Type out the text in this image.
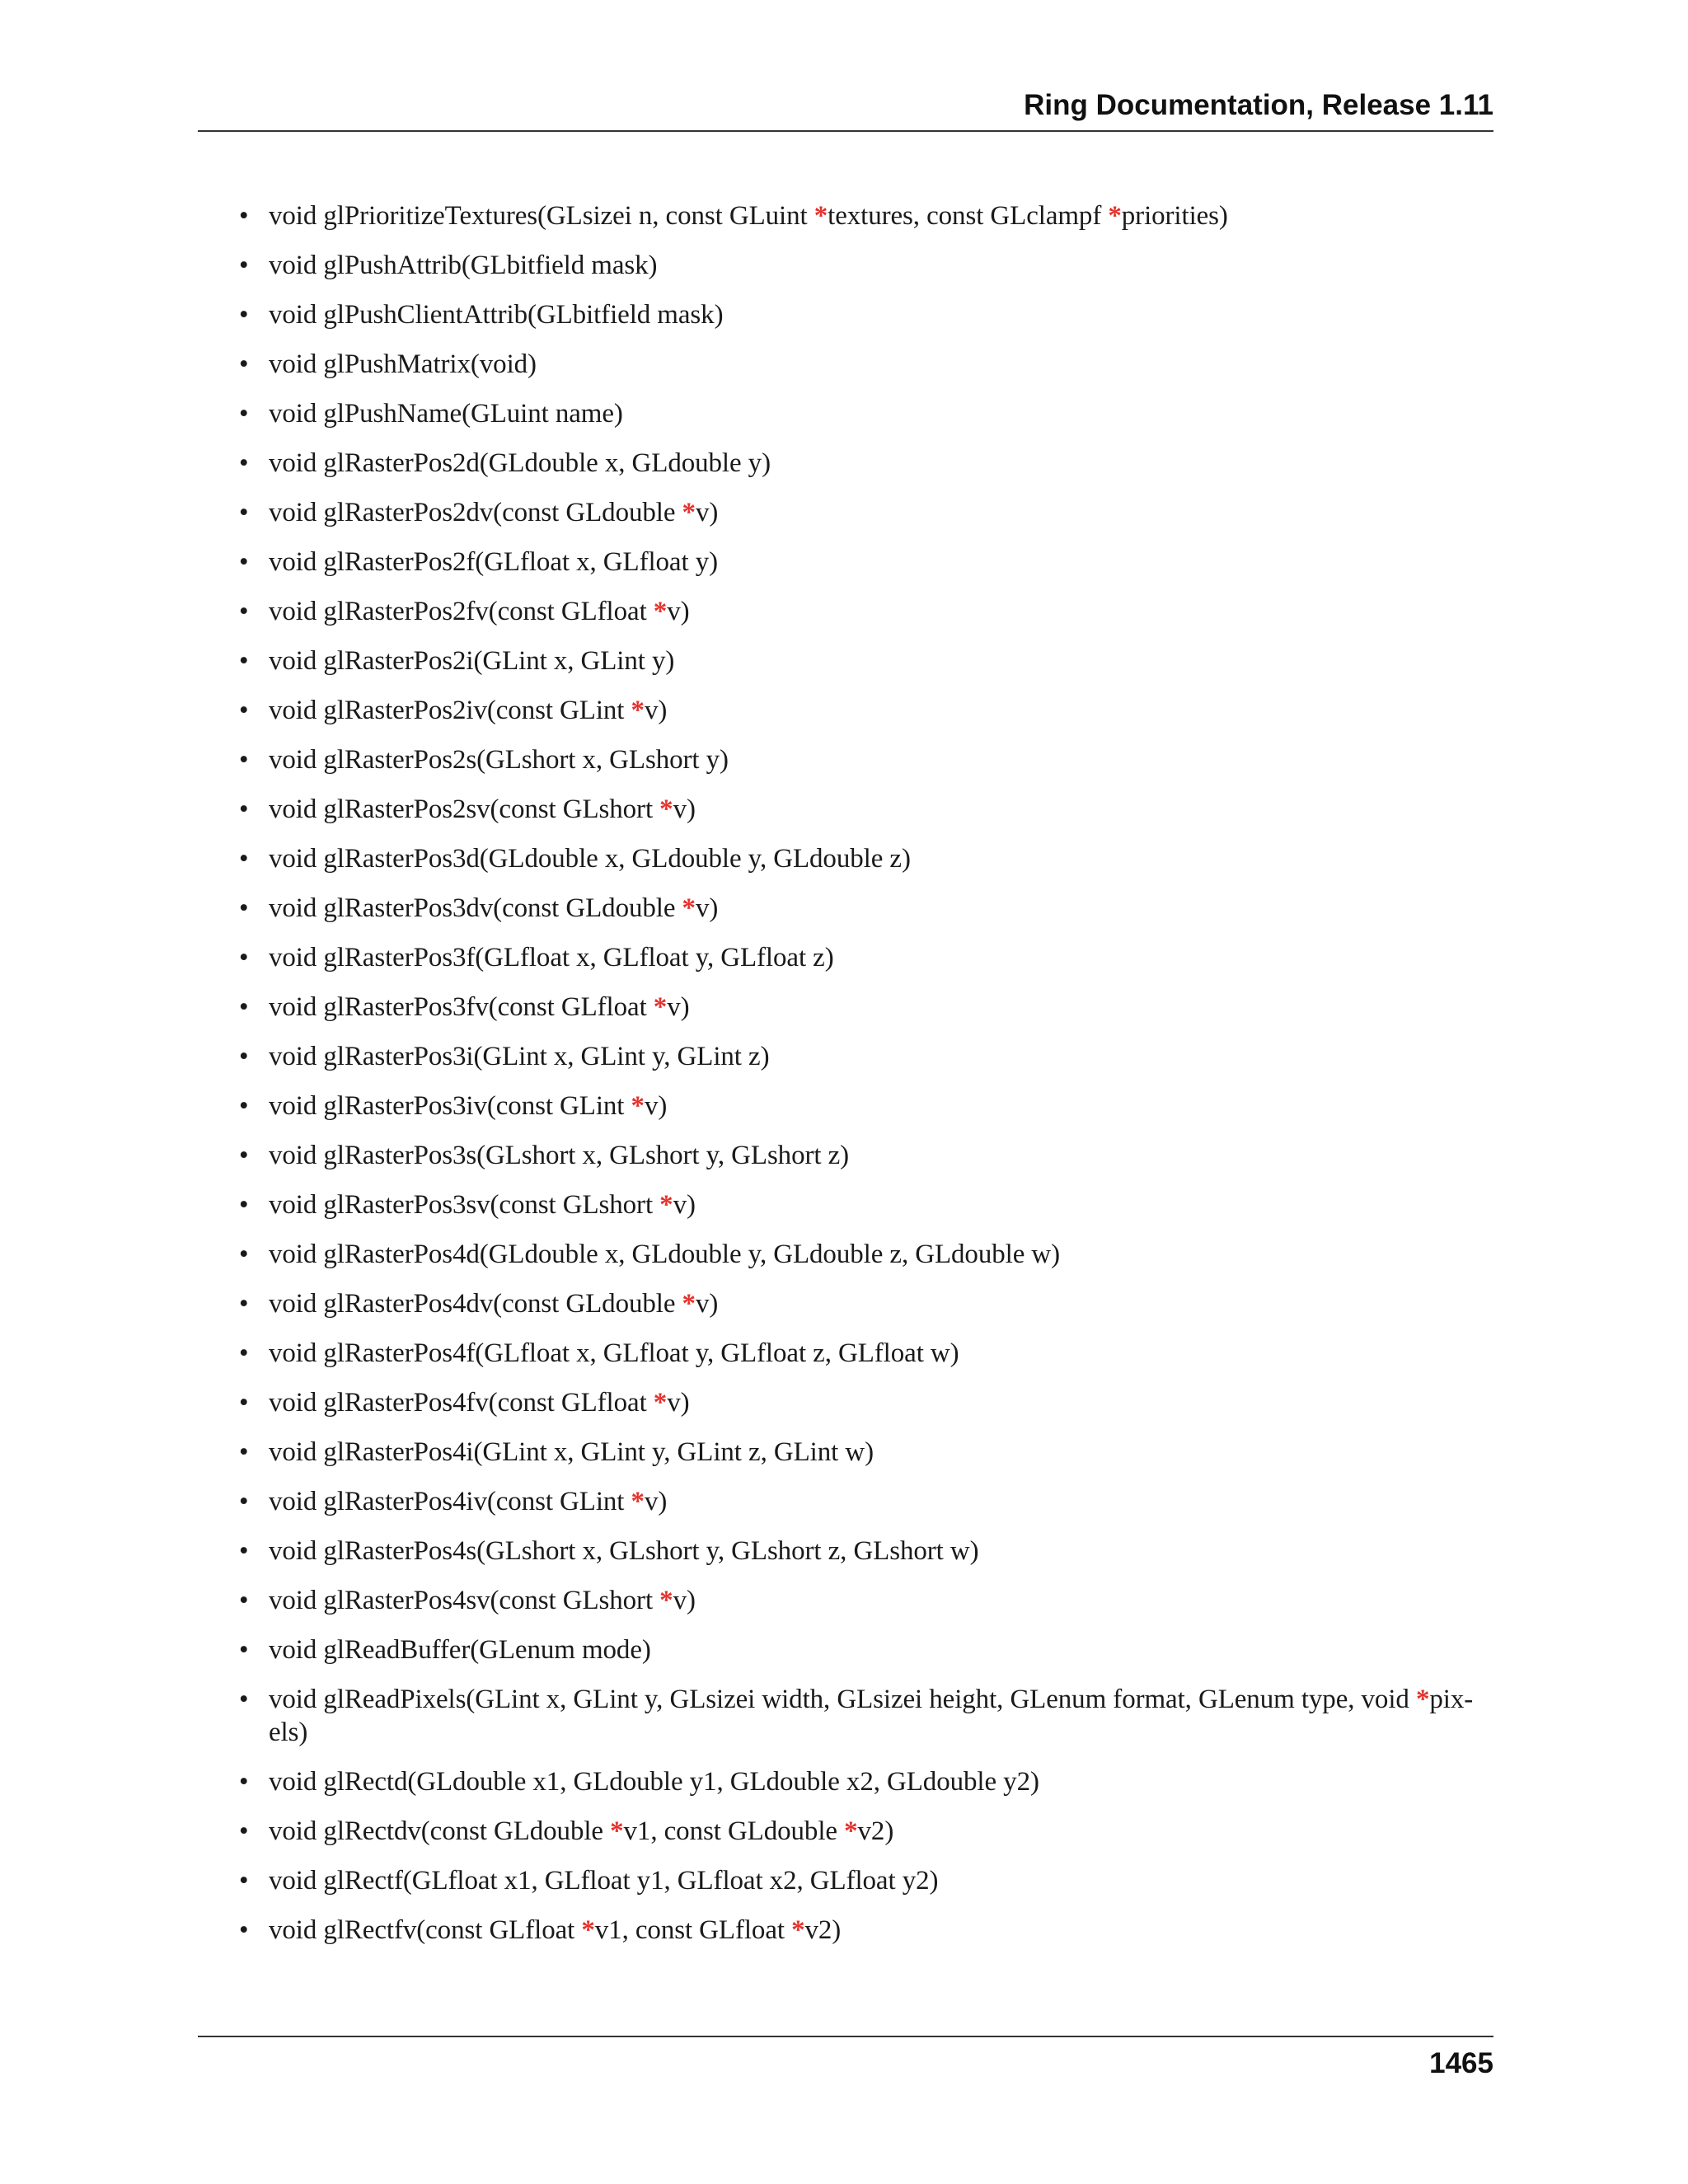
Ring Documentation, Release 1.11
• void glPrioritizeTextures(GLsizei n, const GLuint *textures, const GLclampf *priorities)
• void glPushAttrib(GLbitfield mask)
• void glPushClientAttrib(GLbitfield mask)
• void glPushMatrix(void)
• void glPushName(GLuint name)
• void glRasterPos2d(GLdouble x, GLdouble y)
• void glRasterPos2dv(const GLdouble *v)
• void glRasterPos2f(GLfloat x, GLfloat y)
• void glRasterPos2fv(const GLfloat *v)
• void glRasterPos2i(GLint x, GLint y)
• void glRasterPos2iv(const GLint *v)
• void glRasterPos2s(GLshort x, GLshort y)
• void glRasterPos2sv(const GLshort *v)
• void glRasterPos3d(GLdouble x, GLdouble y, GLdouble z)
• void glRasterPos3dv(const GLdouble *v)
• void glRasterPos3f(GLfloat x, GLfloat y, GLfloat z)
• void glRasterPos3fv(const GLfloat *v)
• void glRasterPos3i(GLint x, GLint y, GLint z)
• void glRasterPos3iv(const GLint *v)
• void glRasterPos3s(GLshort x, GLshort y, GLshort z)
• void glRasterPos3sv(const GLshort *v)
• void glRasterPos4d(GLdouble x, GLdouble y, GLdouble z, GLdouble w)
• void glRasterPos4dv(const GLdouble *v)
• void glRasterPos4f(GLfloat x, GLfloat y, GLfloat z, GLfloat w)
• void glRasterPos4fv(const GLfloat *v)
• void glRasterPos4i(GLint x, GLint y, GLint z, GLint w)
• void glRasterPos4iv(const GLint *v)
• void glRasterPos4s(GLshort x, GLshort y, GLshort z, GLshort w)
• void glRasterPos4sv(const GLshort *v)
• void glReadBuffer(GLenum mode)
• void glReadPixels(GLint x, GLint y, GLsizei width, GLsizei height, GLenum format, GLenum type, void *pix-
els)
• void glRectd(GLdouble x1, GLdouble y1, GLdouble x2, GLdouble y2)
• void glRectdv(const GLdouble *v1, const GLdouble *v2)
• void glRectf(GLfloat x1, GLfloat y1, GLfloat x2, GLfloat y2)
• void glRectfv(const GLfloat *v1, const GLfloat *v2)
1465
